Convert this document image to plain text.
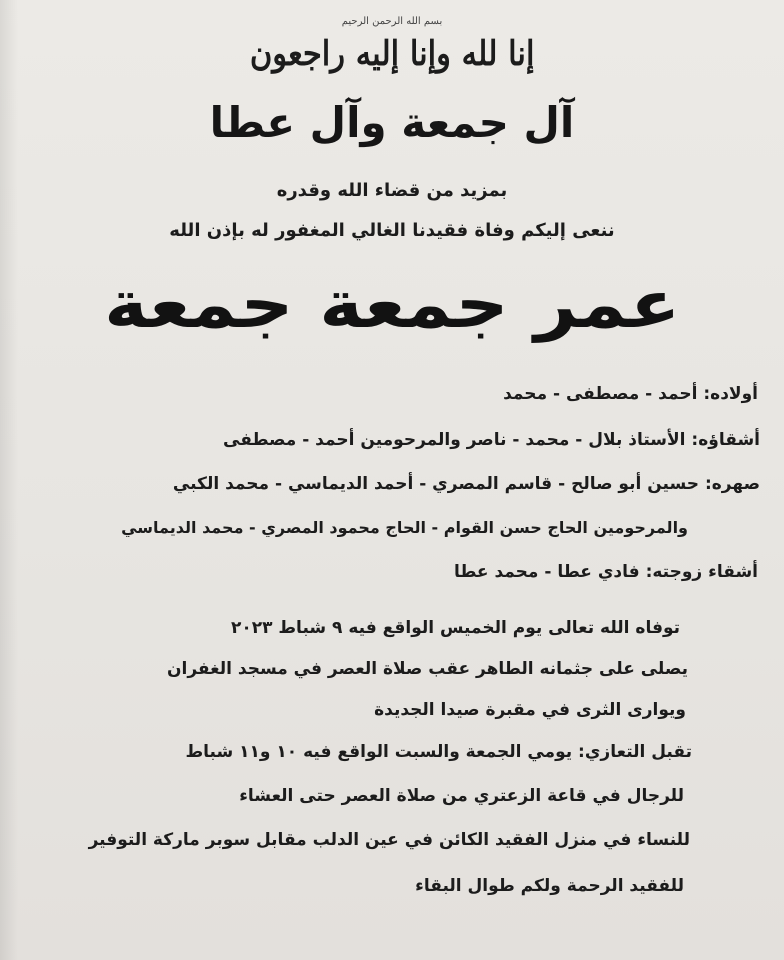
بسم الله الرحمن الرحيم
إنا لله وإنا إليه راجعون
آل جمعة وآل عطا
بمزيد من قضاء الله وقدره
ننعى إليكم وفاة فقيدنا الغالي المغفور له بإذن الله
عمر جمعة جمعة
أولاده: أحمد - مصطفى - محمد
أشقاؤه: الأستاذ بلال - محمد - ناصر والمرحومين أحمد - مصطفى
صهره: حسين أبو صالح - قاسم المصري - أحمد الديماسي - محمد الكبي
والمرحومين الحاج حسن القوام - الحاج محمود المصري - محمد الديماسي
أشقاء زوجته: فادي عطا - محمد عطا
توفاه الله تعالى يوم الخميس الواقع فيه ٩ شباط ٢٠٢٣
يصلى على جثمانه الطاهر عقب صلاة العصر في مسجد الغفران
ويوارى الثرى في مقبرة صيدا الجديدة
تقبل التعازي: يومي الجمعة والسبت الواقع فيه ١٠ و١١ شباط
للرجال في قاعة الزعتري من صلاة العصر حتى العشاء
للنساء في منزل الفقيد الكائن في عين الدلب مقابل سوبر ماركة التوفير
للفقيد الرحمة ولكم طوال البقاء
